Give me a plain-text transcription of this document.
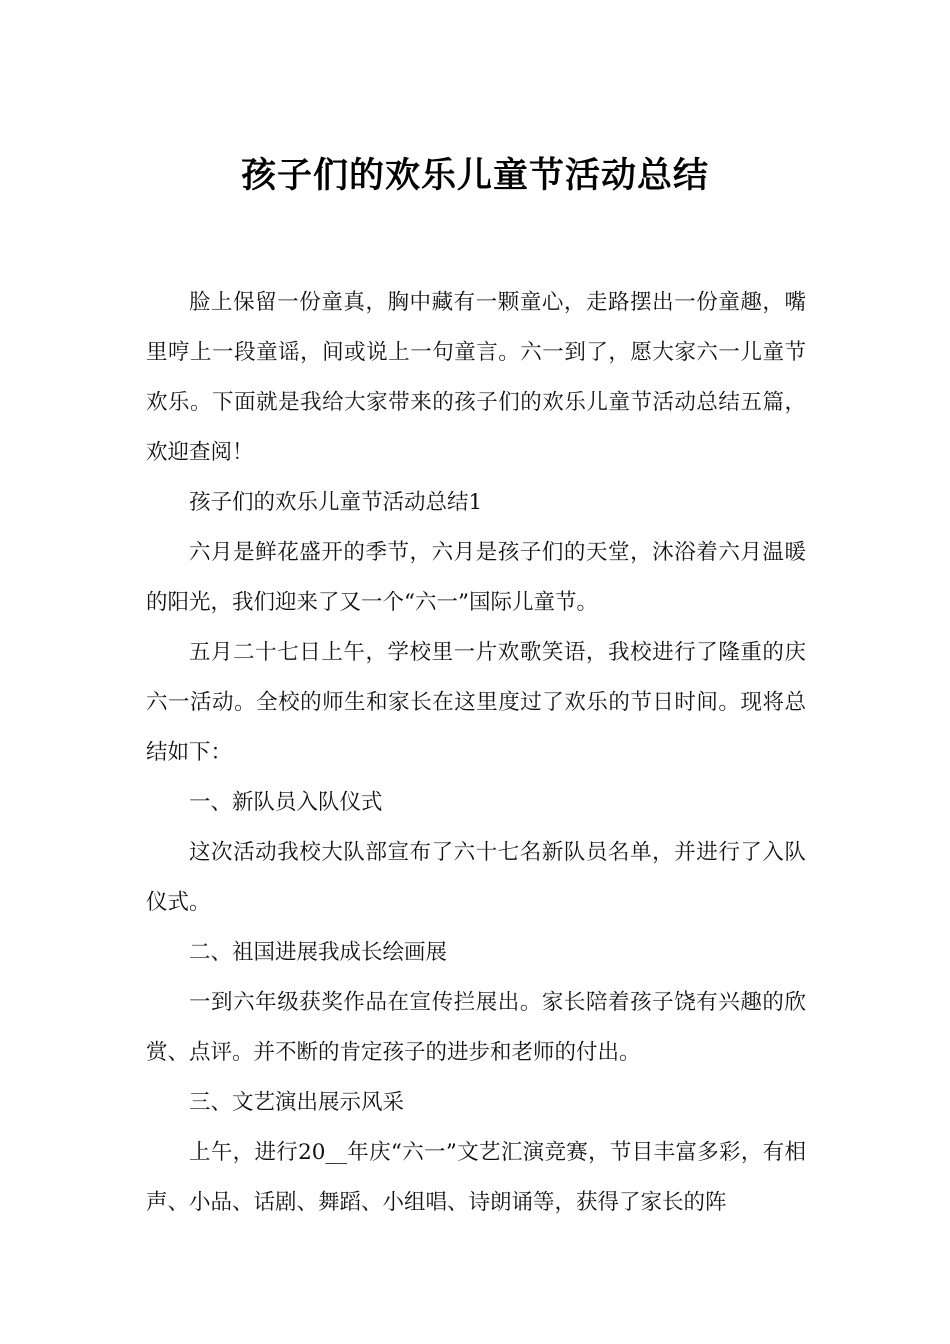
孩子们的欢乐儿童节活动总结

脸上保留一份童真，胸中藏有一颗童心，走路摆出一份童趣，嘴里哼上一段童谣，间或说上一句童言。六一到了，愿大家六一儿童节欢乐。下面就是我给大家带来的孩子们的欢乐儿童节活动总结五篇，欢迎查阅！

孩子们的欢乐儿童节活动总结1

六月是鲜花盛开的季节，六月是孩子们的天堂，沐浴着六月温暖的阳光，我们迎来了又一个“六一”国际儿童节。

五月二十七日上午，学校里一片欢歌笑语，我校进行了隆重的庆六一活动。全校的师生和家长在这里度过了欢乐的节日时间。现将总结如下：

一、新队员入队仪式

这次活动我校大队部宣布了六十七名新队员名单，并进行了入队仪式。

二、祖国进展我成长绘画展

一到六年级获奖作品在宣传拦展出。家长陪着孩子饶有兴趣的欣赏、点评。并不断的肯定孩子的进步和老师的付出。

三、文艺演出展示风采

上午，进行20__年庆“六一”文艺汇演竞赛，节目丰富多彩，有相声、小品、话剧、舞蹈、小组唱、诗朗诵等，获得了家长的阵
